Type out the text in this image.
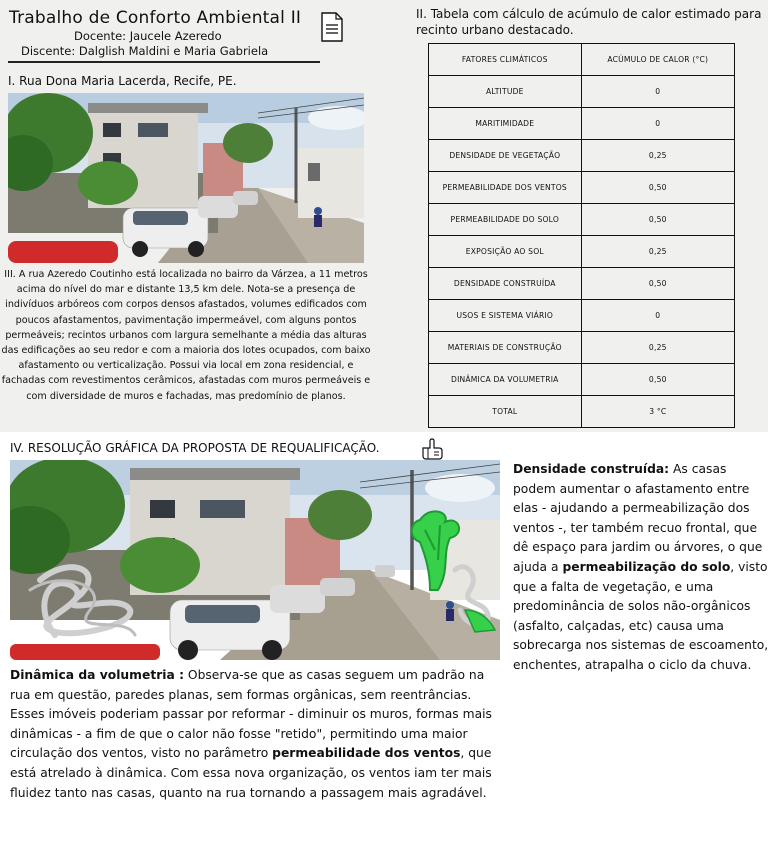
Trabalho de Conforto Ambiental II
Docente: Jaucele Azeredo
Discente: Dalglish Maldini e Maria Gabriela
I. Rua Dona Maria Lacerda, Recife, PE.
III. A rua Azeredo Coutinho está localizada no bairro da Várzea, a 11 metros acima do nível do mar e distante 13,5 km dele. Nota-se a presença de indivíduos arbóreos com corpos densos afastados, volumes edificados com poucos afastamentos, pavimentação impermeável, com alguns pontos permeáveis; recintos urbanos com largura semelhante a média das alturas das edificações ao seu redor e com a maioria dos lotes ocupados, com baixo afastamento ou verticalização. Possui via local em zona residencial, e fachadas com revestimentos cerâmicos, afastadas com muros permeáveis e com diversidade de muros e fachadas, mas predomínio de planos.
II. Tabela com cálculo de acúmulo de calor estimado para recinto urbano destacado.
FATORES CLIMÁTICOS	ACÚMULO DE CALOR (°C)
ALTITUDE	0
MARITIMIDADE	0
DENSIDADE DE VEGETAÇÃO	0,25
PERMEABILIDADE DOS VENTOS	0,50
PERMEABILIDADE DO SOLO	0,50
EXPOSIÇÃO AO SOL	0,25
DENSIDADE CONSTRUÍDA	0,50
USOS E SISTEMA VIÁRIO	0
MATERIAIS DE CONSTRUÇÃO	0,25
DINÂMICA DA VOLUMETRIA	0,50
TOTAL	3 °C
IV. RESOLUÇÃO GRÁFICA DA PROPOSTA DE REQUALIFICAÇÃO.
Densidade construída: As casas podem aumentar o afastamento entre elas - ajudando a permeabilização dos ventos -, ter também recuo frontal, que dê espaço para jardim ou árvores, o que ajuda a permeabilização do solo, visto que a falta de vegetação, e uma predominância de solos não-orgânicos (asfalto, calçadas, etc) causa uma sobrecarga nos sistemas de escoamento, enchentes, atrapalha o ciclo da chuva.
Dinâmica da volumetria : Observa-se que as casas seguem um padrão na rua em questão, paredes planas, sem formas orgânicas, sem reentrâncias. Esses imóveis poderiam passar por reformar - diminuir os muros, formas mais dinâmicas - a fim de que o calor não fosse "retido", permitindo uma maior circulação dos ventos, visto no parâmetro permeabilidade dos ventos, que está atrelado à dinâmica. Com essa nova organização, os ventos iam ter mais fluidez tanto nas casas, quanto na rua tornando a passagem mais agradável.
